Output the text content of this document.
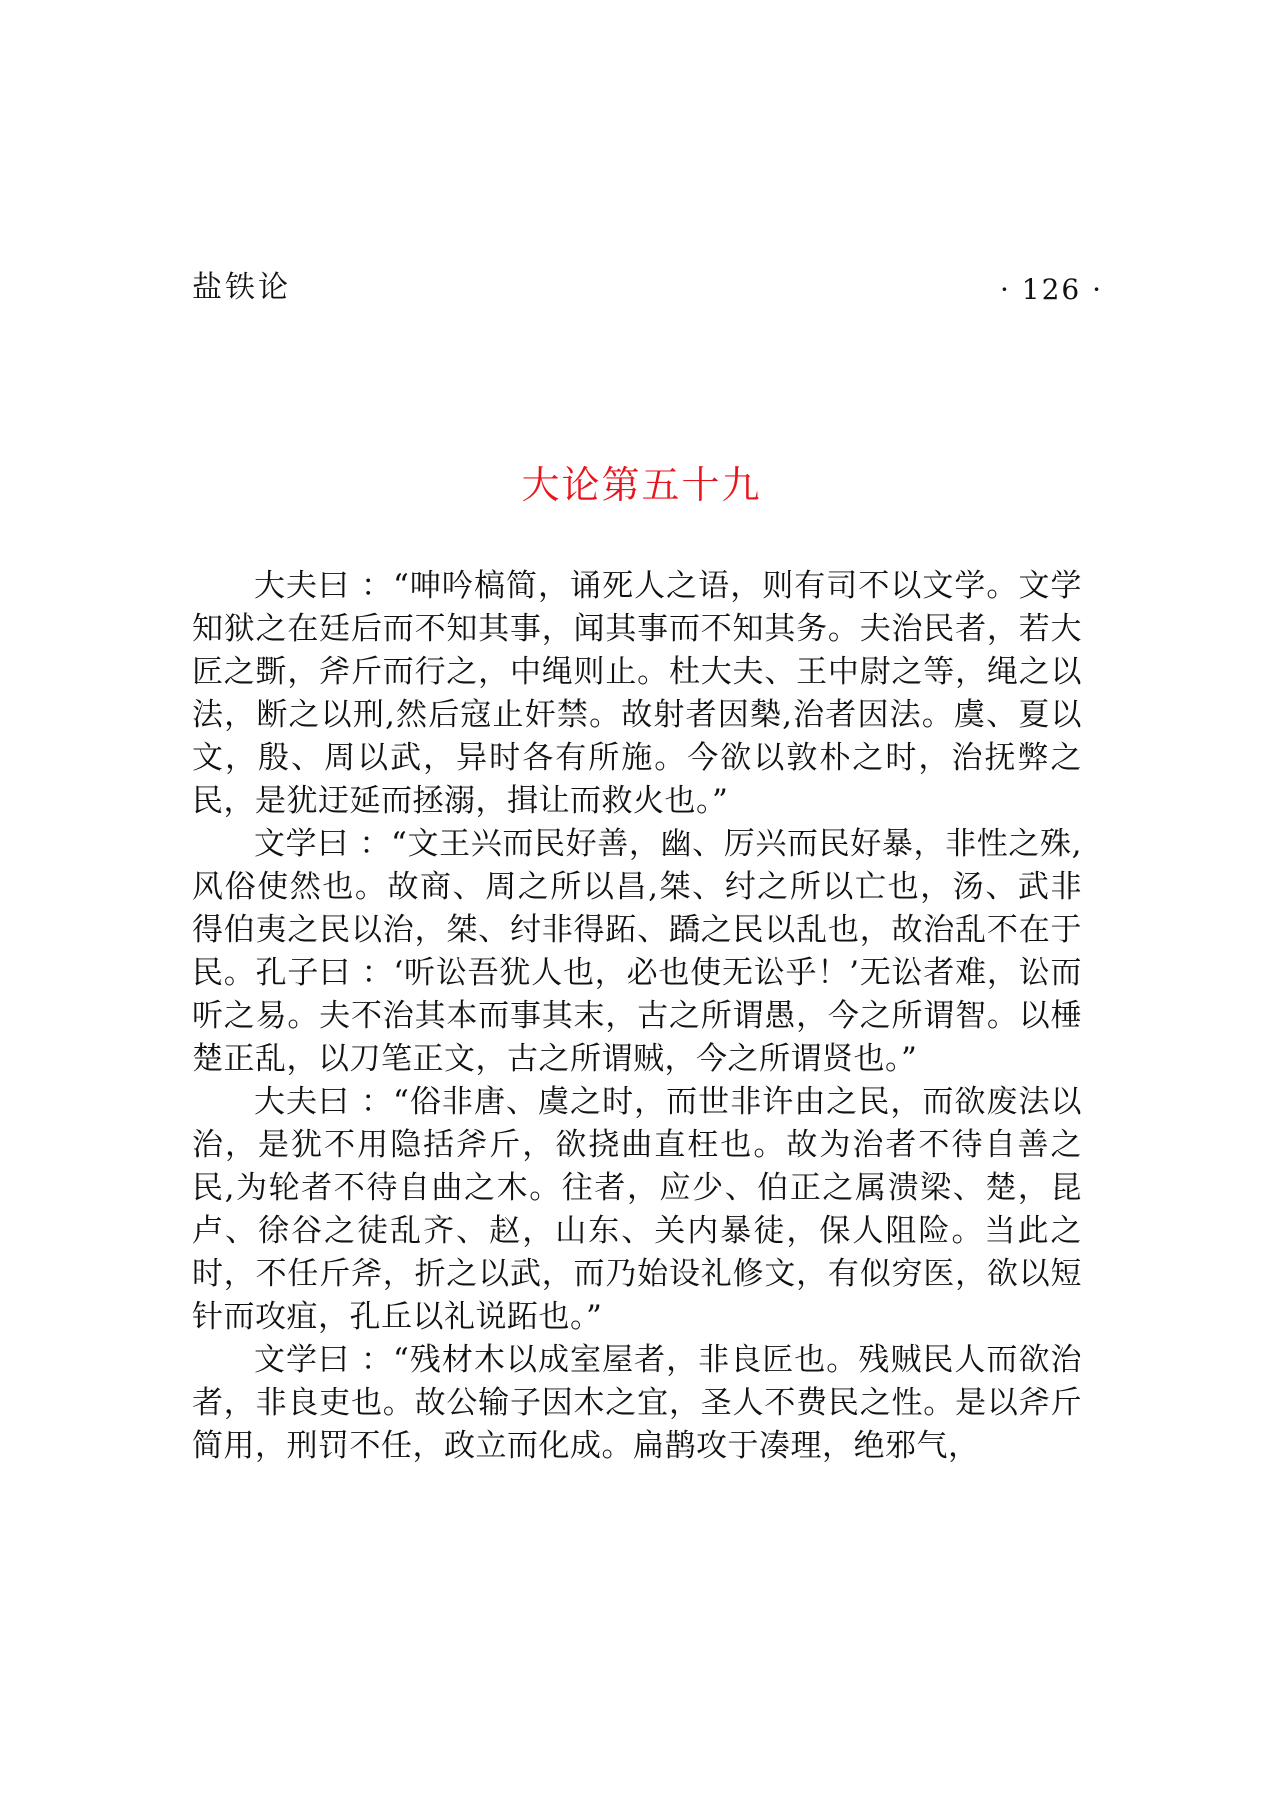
盐铁论	· 126 ·
大论第五十九

大夫曰 ：“呻吟槁简，诵死人之语，则有司不以文学。文学知狱之在廷后而不知其事，闻其事而不知其务。夫治民者，若大匠之斲，斧斤而行之，中绳则止。杜大夫、王中尉之等，绳之以法，断之以刑,然后寇止奸禁。故射者因槷,治者因法。虞、夏以文，殷、周以武，异时各有所施。今欲以敦朴之时，治抚弊之民，是犹迂延而拯溺，揖让而救火也。”

文学曰 ：“文王兴而民好善，幽、厉兴而民好暴，非性之殊,风俗使然也。故商、周之所以昌,桀、纣之所以亡也，汤、武非得伯夷之民以治，桀、纣非得跖、蹻之民以乱也，故治乱不在于民。孔子曰 ：‘听讼吾犹人也，必也使无讼乎！’无讼者难，讼而听之易。夫不治其本而事其末，古之所谓愚，今之所谓智。以棰楚正乱，以刀笔正文，古之所谓贼，今之所谓贤也。”

大夫曰 ：“俗非唐、虞之时，而世非许由之民，而欲废法以治，是犹不用隐括斧斤，欲挠曲直枉也。故为治者不待自善之民,为轮者不待自曲之木。往者，应少、伯正之属溃梁、楚，昆卢、徐谷之徒乱齐、赵，山东、关内暴徒，保人阻险。当此之时，不任斤斧，折之以武，而乃始设礼修文，有似穷医，欲以短针而攻疽，孔丘以礼说跖也。”

文学曰 ：“残材木以成室屋者，非良匠也。残贼民人而欲治者，非良吏也。故公输子因木之宜，圣人不费民之性。是以斧斤简用，刑罚不任，政立而化成。扁鹊攻于凑理，绝邪气，
